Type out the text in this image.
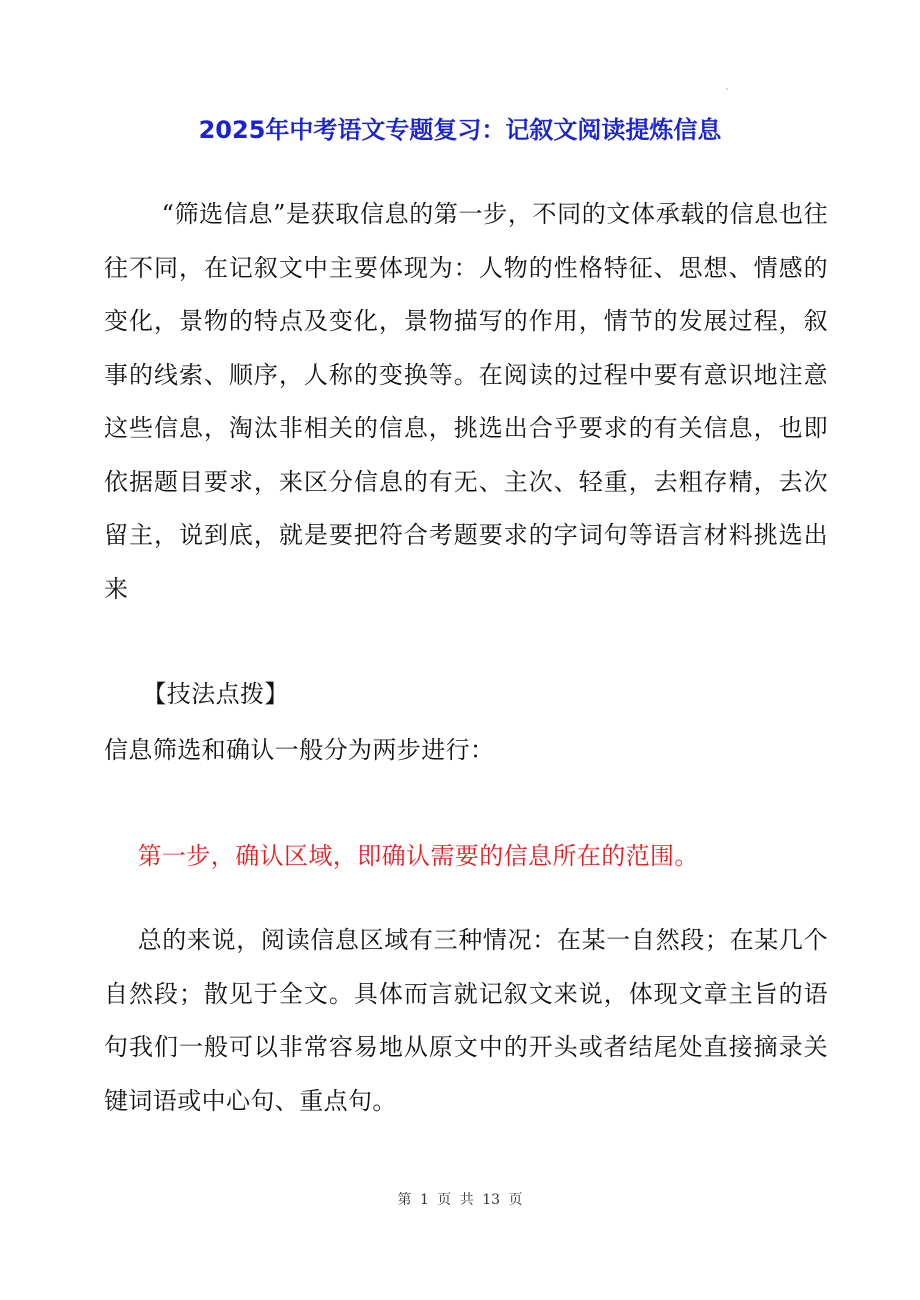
2025年中考语文专题复习：记叙文阅读提炼信息

“筛选信息”是获取信息的第一步，不同的文体承载的信息也往往不同，在记叙文中主要体现为：人物的性格特征、思想、情感的变化，景物的特点及变化，景物描写的作用，情节的发展过程，叙事的线索、顺序，人称的变换等。在阅读的过程中要有意识地注意这些信息，淘汰非相关的信息，挑选出合乎要求的有关信息，也即依据题目要求，来区分信息的有无、主次、轻重，去粗存精，去次留主，说到底，就是要把符合考题要求的字词句等语言材料挑选出来

【技法点拨】

信息筛选和确认一般分为两步进行：

第一步，确认区域，即确认需要的信息所在的范围。

总的来说，阅读信息区域有三种情况：在某一自然段；在某几个自然段；散见于全文。具体而言就记叙文来说，体现文章主旨的语句我们一般可以非常容易地从原文中的开头或者结尾处直接摘录关键词语或中心句、重点句。

第 1 页 共 13 页
